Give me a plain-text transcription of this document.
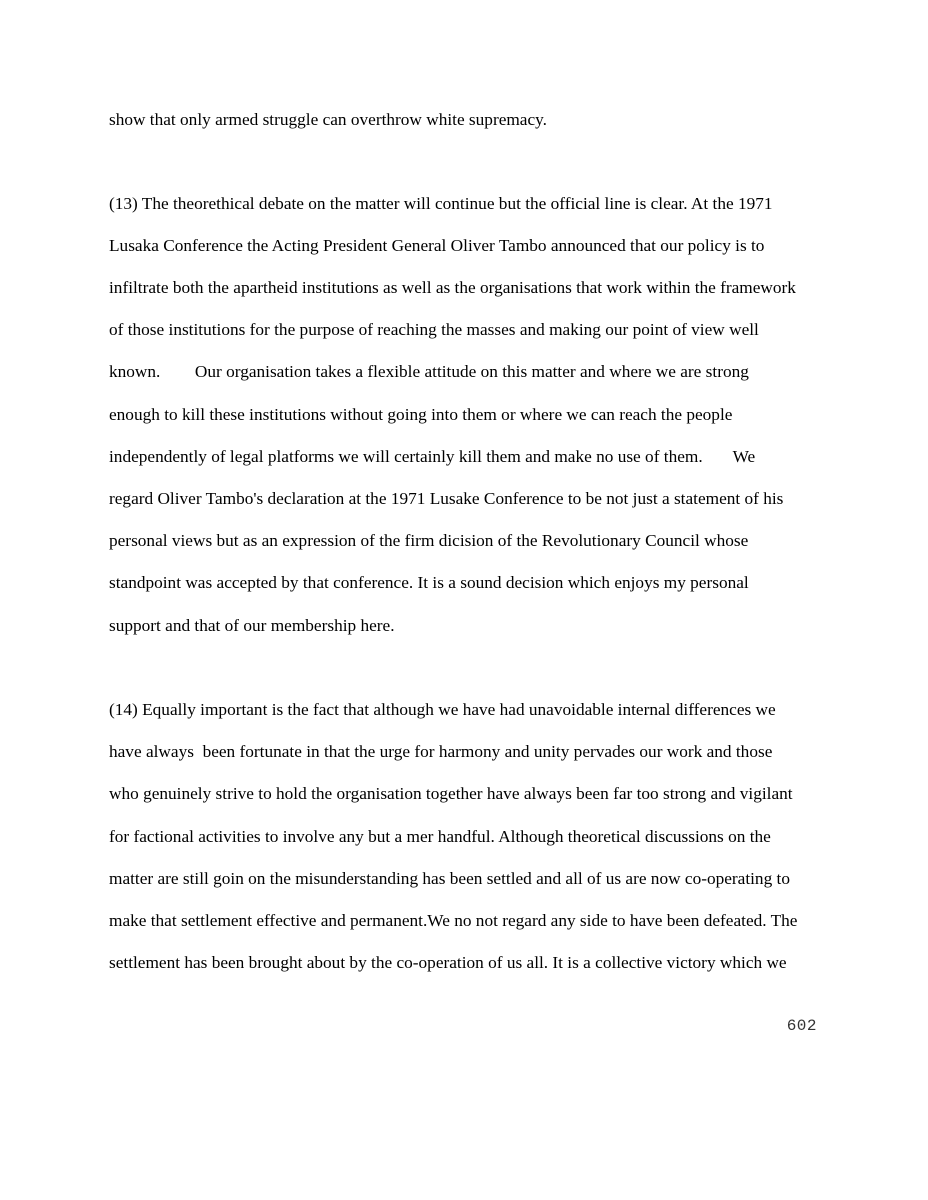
show that only armed struggle can overthrow white supremacy.

(13) The theorethical debate on the matter will continue but the official line is clear. At the 1971

Lusaka Conference the Acting President General Oliver Tambo announced that our policy is to

infiltrate both the apartheid institutions as well as the organisations that work within the framework

of those institutions for the purpose of reaching the masses and making our point of view well

known.        Our organisation takes a flexible attitude on this matter and where we are strong

enough to kill these institutions without going into them or where we can reach the people

independently of legal platforms we will certainly kill them and make no use of them.       We

regard Oliver Tambo's declaration at the 1971 Lusake Conference to be not just a statement of his

personal views but as an expression of the firm dicision of the Revolutionary Council whose

standpoint was accepted by that conference. It is a sound decision which enjoys my personal

support and that of our membership here.

(14) Equally important is the fact that although we have had unavoidable internal differences we

have always  been fortunate in that the urge for harmony and unity pervades our work and those

who genuinely strive to hold the organisation together have always been far too strong and vigilant

for factional activities to involve any but a mer handful. Although theoretical discussions on the

matter are still goin on the misunderstanding has been settled and all of us are now co-operating to

make that settlement effective and permanent.We no not regard any side to have been defeated. The

settlement has been brought about by the co-operation of us all. It is a collective victory which we

602
